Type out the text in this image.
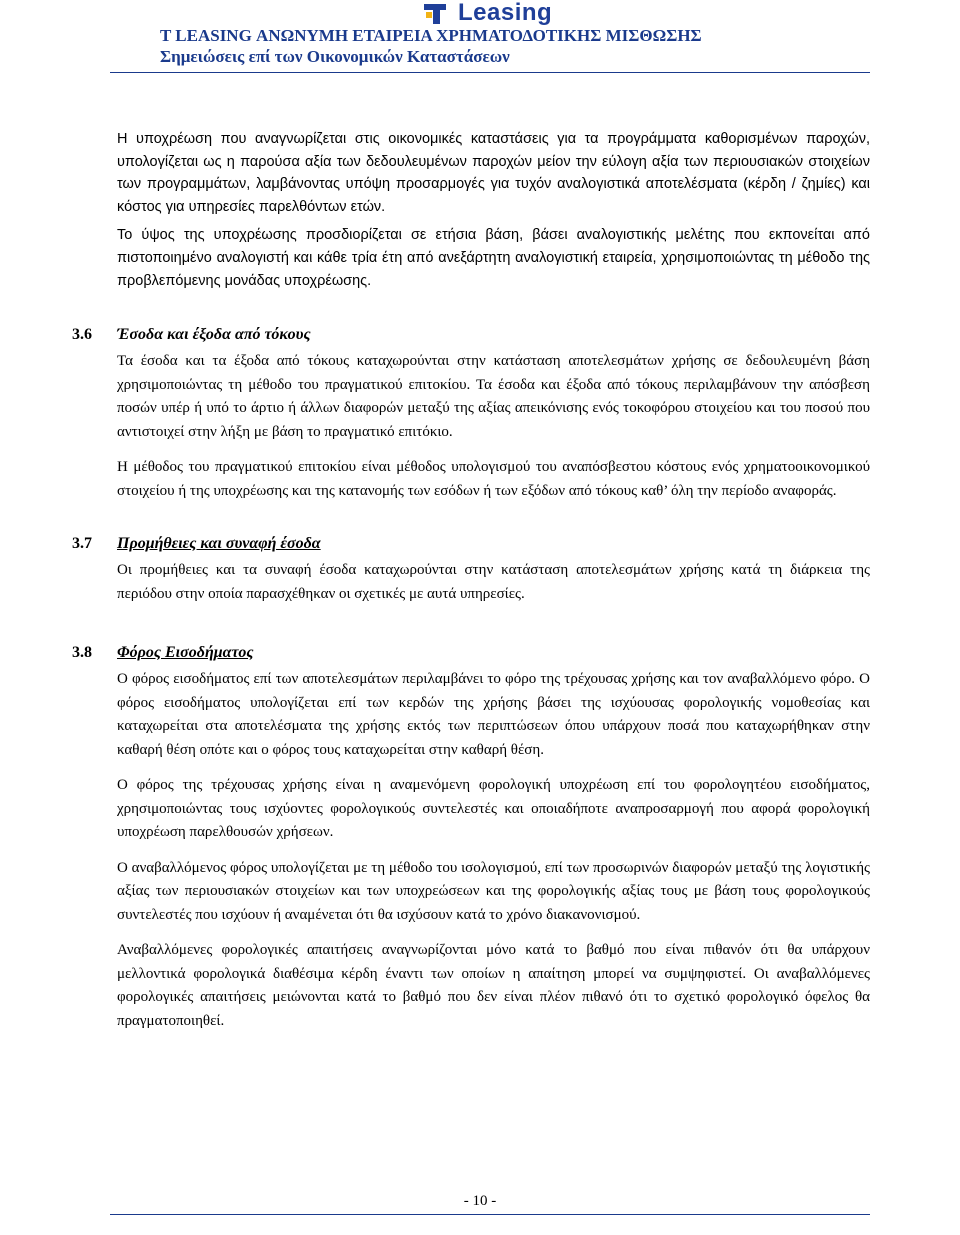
Leasing
T LEASING ΑΝΩΝΥΜΗ ΕΤΑΙΡΕΙΑ ΧΡΗΜΑΤΟΔΟΤΙΚΗΣ ΜΙΣΘΩΣΗΣ
Σημειώσεις επί των Οικονομικών Καταστάσεων

Η υποχρέωση που αναγνωρίζεται στις οικονομικές καταστάσεις για τα προγράμματα καθορισμένων παροχών, υπολογίζεται ως η παρούσα αξία των δεδουλευμένων παροχών μείον την εύλογη αξία των περιουσιακών στοιχείων των προγραμμάτων, λαμβάνοντας υπόψη προσαρμογές για τυχόν αναλογιστικά αποτελέσματα (κέρδη / ζημίες) και κόστος για υπηρεσίες παρελθόντων ετών.

Το ύψος της υποχρέωσης προσδιορίζεται σε ετήσια βάση, βάσει αναλογιστικής μελέτης που εκπονείται από πιστοποιημένο αναλογιστή και κάθε τρία έτη από ανεξάρτητη αναλογιστική εταιρεία, χρησιμοποιώντας τη μέθοδο της προβλεπόμενης μονάδας υποχρέωσης.

3.6 Έσοδα και έξοδα από τόκους

Τα έσοδα και τα έξοδα από τόκους καταχωρούνται στην κατάσταση αποτελεσμάτων χρήσης σε δεδουλευμένη βάση χρησιμοποιώντας τη μέθοδο του πραγματικού επιτοκίου. Τα έσοδα και έξοδα από τόκους περιλαμβάνουν την απόσβεση ποσών υπέρ ή υπό το άρτιο ή άλλων διαφορών μεταξύ της αξίας απεικόνισης ενός τοκοφόρου στοιχείου και του ποσού που αντιστοιχεί στην λήξη με βάση το πραγματικό επιτόκιο.

Η μέθοδος του πραγματικού επιτοκίου είναι μέθοδος υπολογισμού του αναπόσβεστου κόστους ενός χρηματοοικονομικού στοιχείου ή της υποχρέωσης και της κατανομής των εσόδων ή των εξόδων από τόκους καθ’ όλη την περίοδο αναφοράς.

3.7 Προμήθειες και συναφή έσοδα

Οι προμήθειες και τα συναφή έσοδα καταχωρούνται στην κατάσταση αποτελεσμάτων χρήσης κατά τη διάρκεια της περιόδου στην οποία παρασχέθηκαν οι σχετικές με αυτά υπηρεσίες.

3.8 Φόρος Εισοδήματος

Ο φόρος εισοδήματος επί των αποτελεσμάτων περιλαμβάνει το φόρο της τρέχουσας χρήσης και τον αναβαλλόμενο φόρο. Ο φόρος εισοδήματος υπολογίζεται επί των κερδών της χρήσης βάσει της ισχύουσας φορολογικής νομοθεσίας και καταχωρείται στα αποτελέσματα της χρήσης εκτός των περιπτώσεων όπου υπάρχουν ποσά που καταχωρήθηκαν στην καθαρή θέση οπότε και ο φόρος τους καταχωρείται στην καθαρή θέση.

Ο φόρος της τρέχουσας χρήσης είναι η αναμενόμενη φορολογική υποχρέωση επί του φορολογητέου εισοδήματος, χρησιμοποιώντας τους ισχύοντες φορολογικούς συντελεστές και οποιαδήποτε αναπροσαρμογή που αφορά φορολογική υποχρέωση παρελθουσών χρήσεων.

Ο αναβαλλόμενος φόρος υπολογίζεται με τη μέθοδο του ισολογισμού, επί των προσωρινών διαφορών μεταξύ της λογιστικής αξίας των περιουσιακών στοιχείων και των υποχρεώσεων και της φορολογικής αξίας τους με βάση τους φορολογικούς συντελεστές που ισχύουν ή αναμένεται ότι θα ισχύσουν κατά το χρόνο διακανονισμού.

Αναβαλλόμενες φορολογικές απαιτήσεις αναγνωρίζονται μόνο κατά το βαθμό που είναι πιθανόν ότι θα υπάρχουν μελλοντικά φορολογικά διαθέσιμα κέρδη έναντι των οποίων η απαίτηση μπορεί να συμψηφιστεί. Οι αναβαλλόμενες φορολογικές απαιτήσεις μειώνονται κατά το βαθμό που δεν είναι πλέον πιθανό ότι το σχετικό φορολογικό όφελος θα πραγματοποιηθεί.

- 10 -
